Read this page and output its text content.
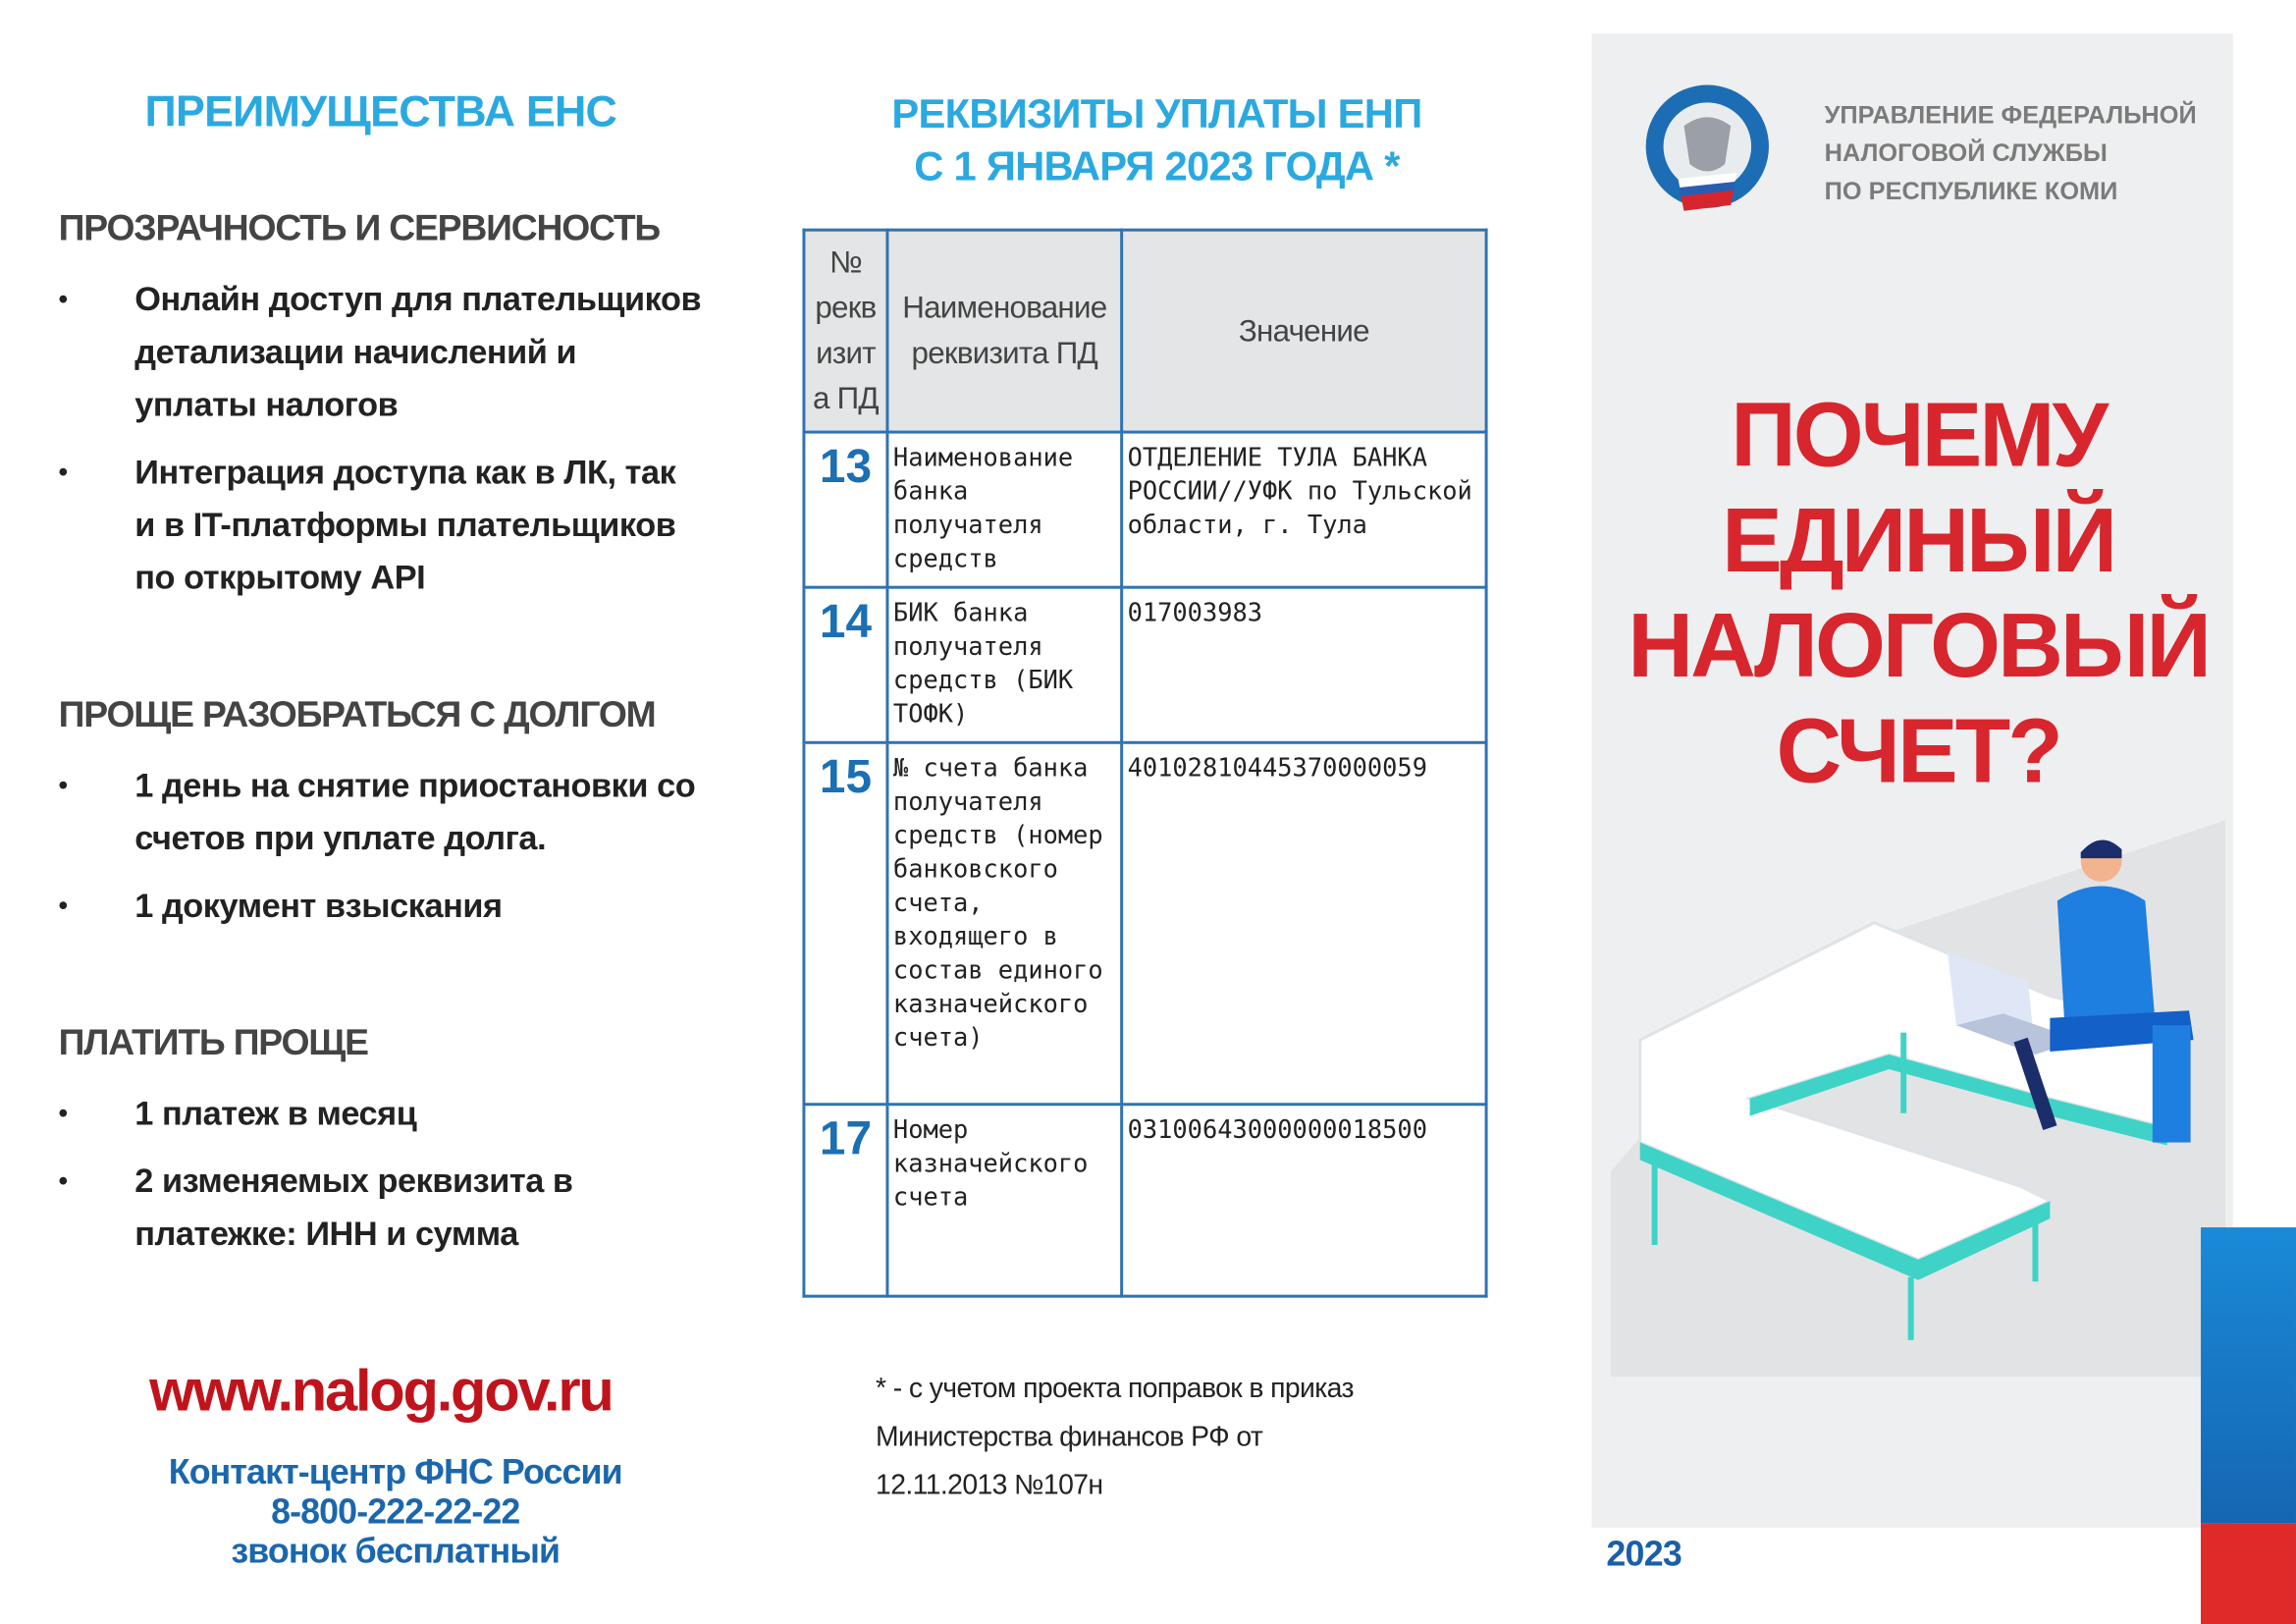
ПРЕИМУЩЕСТВА ЕНС
ПРОЗРАЧНОСТЬ И СЕРВИСНОСТЬ
• Онлайн доступ для плательщиков детализации начислений и уплаты налогов
• Интеграция доступа как в ЛК, так и в IT-платформы плательщиков по открытому API
ПРОЩЕ РАЗОБРАТЬСЯ С ДОЛГОМ
• 1 день на снятие приостановки со счетов при уплате долга.
• 1 документ взыскания
ПЛАТИТЬ ПРОЩЕ
• 1 платеж в месяц
• 2 изменяемых реквизита в платежке: ИНН и сумма
www.nalog.gov.ru
Контакт-центр ФНС России
8-800-222-22-22
звонок бесплатный
РЕКВИЗИТЫ УПЛАТЫ ЕНП
С 1 ЯНВАРЯ 2023 ГОДА *
№ рекв изит а ПД	Наименование реквизита ПД	Значение
13	Наименование банка получателя средств	ОТДЕЛЕНИЕ ТУЛА БАНКА РОССИИ//УФК по Тульской области, г. Тула
14	БИК банка получателя средств (БИК ТОФК)	017003983
15	№ счета банка получателя средств (номер банковского счета, входящего в состав единого казначейского счета)	40102810445370000059
17	Номер казначейского счета	03100643000000018500
* - с учетом проекта поправок в приказ
Министерства финансов РФ от
12.11.2013 №107н
УПРАВЛЕНИЕ ФЕДЕРАЛЬНОЙ
НАЛОГОВОЙ СЛУЖБЫ
ПО РЕСПУБЛИКЕ КОМИ
ПОЧЕМУ
ЕДИНЫЙ
НАЛОГОВЫЙ
СЧЕТ?
2023
